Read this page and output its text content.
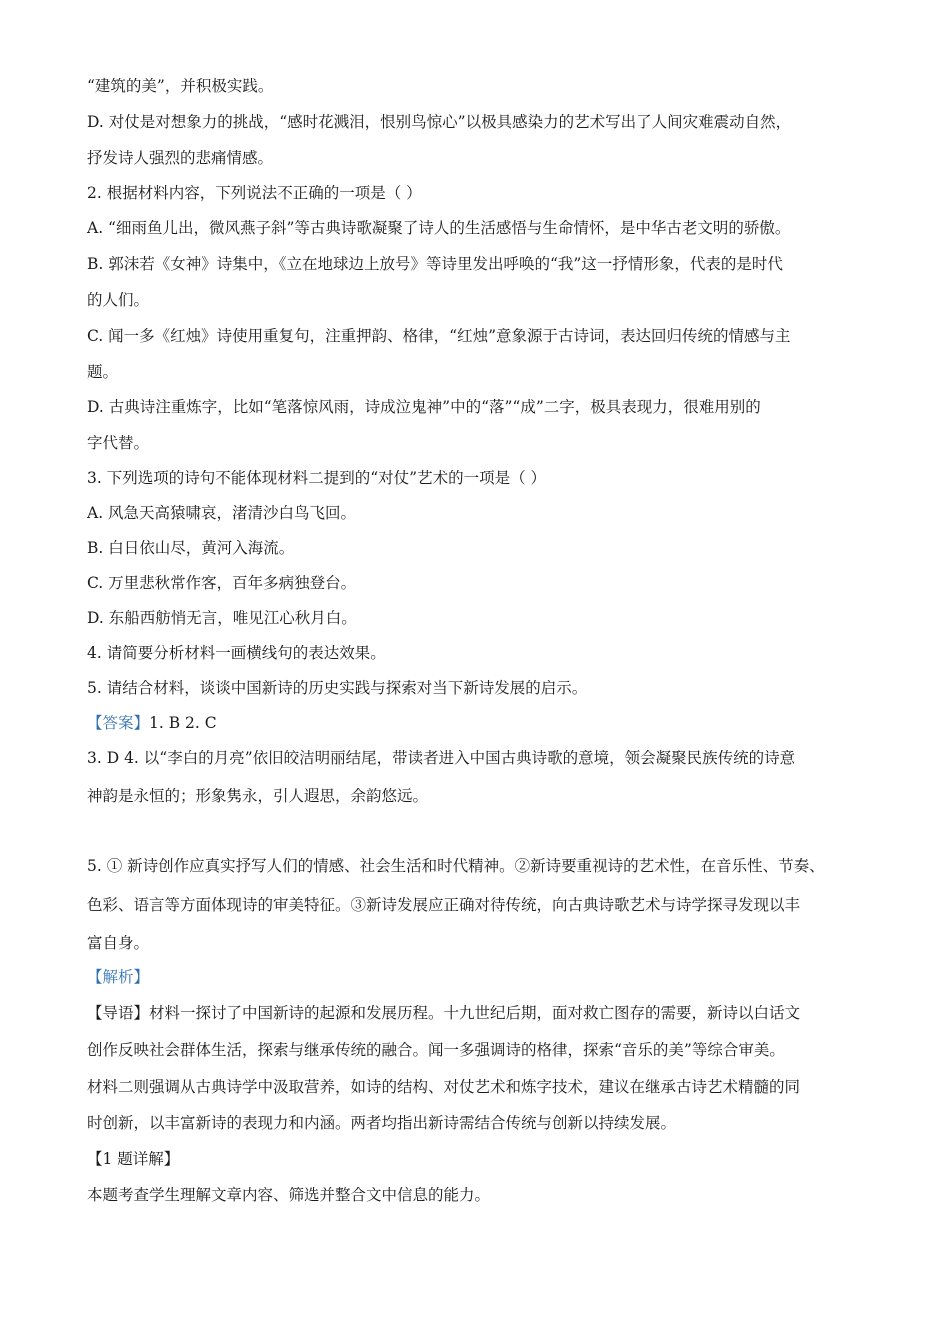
“建筑的美”，并积极实践。
D. 对仗是对想象力的挑战，“感时花溅泪，恨别鸟惊心”以极具感染力的艺术写出了人间灾难震动自然，
抒发诗人强烈的悲痛情感。
2. 根据材料内容，下列说法不正确的一项是（ ）
A. “细雨鱼儿出，微风燕子斜”等古典诗歌凝聚了诗人的生活感悟与生命情怀，是中华古老文明的骄傲。
B. 郭沫若《女神》诗集中，《立在地球边上放号》等诗里发出呼唤的“我”这一抒情形象，代表的是时代
的人们。
C. 闻一多《红烛》诗使用重复句，注重押韵、格律，“红烛”意象源于古诗词，表达回归传统的情感与主
题。
D. 古典诗注重炼字，比如“笔落惊风雨，诗成泣鬼神”中的“落”“成”二字，极具表现力，很难用别的
字代替。
3. 下列选项的诗句不能体现材料二提到的“对仗”艺术的一项是（ ）
A. 风急天高猿啸哀，渚清沙白鸟飞回。
B. 白日依山尽，黄河入海流。
C. 万里悲秋常作客，百年多病独登台。
D. 东船西舫悄无言，唯见江心秋月白。
4. 请简要分析材料一画横线句的表达效果。
5. 请结合材料，谈谈中国新诗的历史实践与探索对当下新诗发展的启示。
【答案】1. B 2. C
3. D 4. 以“李白的月亮”依旧皎洁明丽结尾，带读者进入中国古典诗歌的意境，领会凝聚民族传统的诗意
神韵是永恒的；形象隽永，引人遐思，余韵悠远。
5. ① 新诗创作应真实抒写人们的情感、社会生活和时代精神。②新诗要重视诗的艺术性，在音乐性、节奏、
色彩、语言等方面体现诗的审美特征。③新诗发展应正确对待传统，向古典诗歌艺术与诗学探寻发现以丰
富自身。
【解析】
【导语】材料一探讨了中国新诗的起源和发展历程。十九世纪后期，面对救亡图存的需要，新诗以白话文
创作反映社会群体生活，探索与继承传统的融合。闻一多强调诗的格律，探索“音乐的美”等综合审美。
材料二则强调从古典诗学中汲取营养，如诗的结构、对仗艺术和炼字技术，建议在继承古诗艺术精髓的同
时创新，以丰富新诗的表现力和内涵。两者均指出新诗需结合传统与创新以持续发展。
【1 题详解】
本题考查学生理解文章内容、筛选并整合文中信息的能力。
